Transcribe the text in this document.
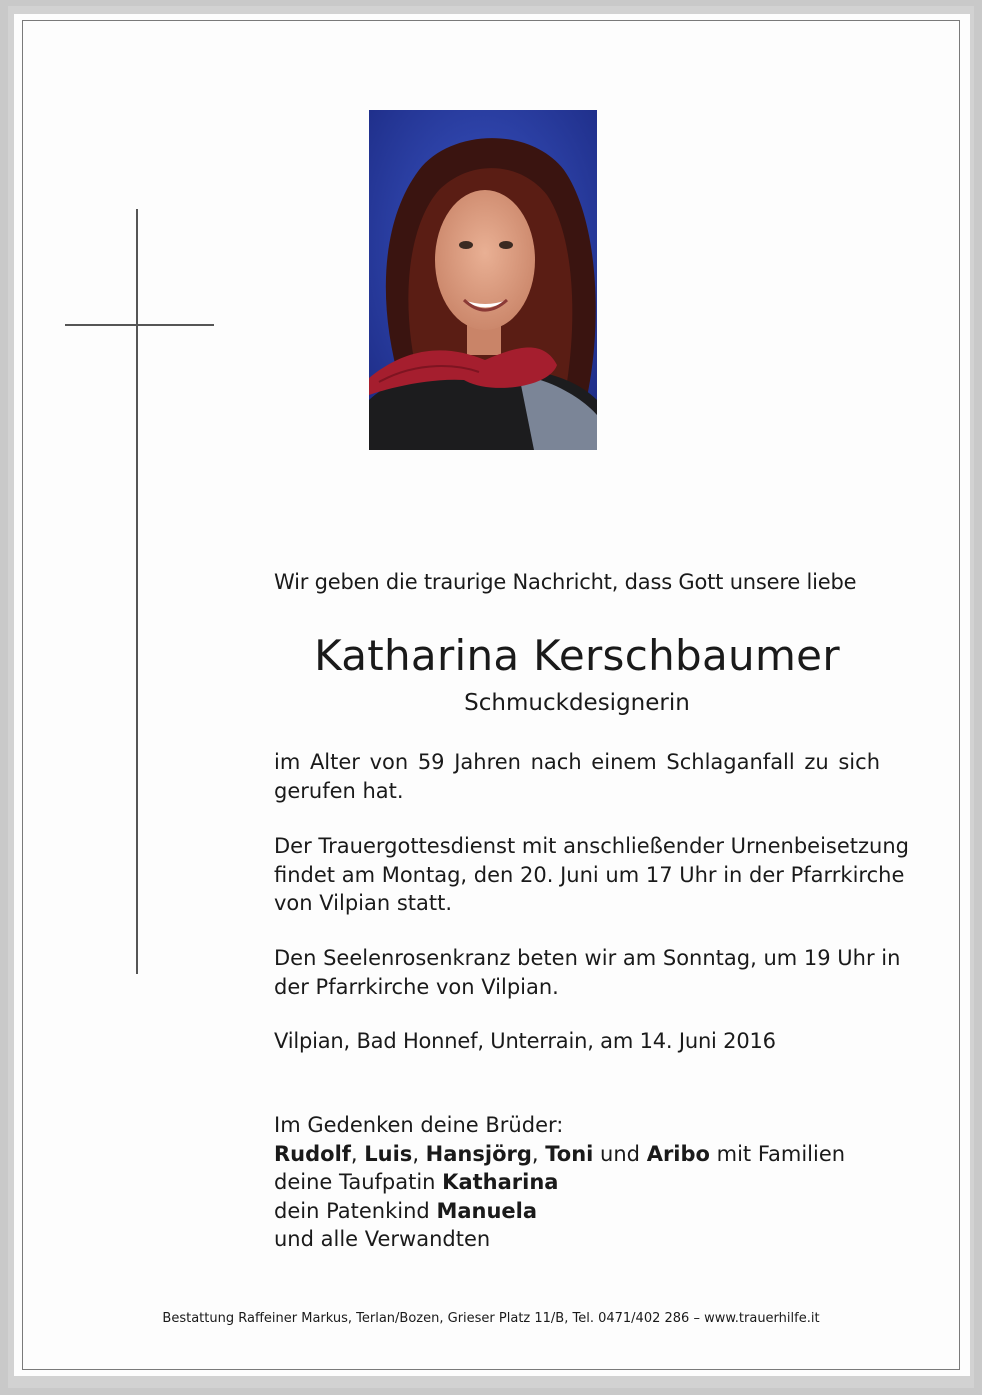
Wir geben die traurige Nachricht, dass Gott unsere liebe
Katharina Kerschbaumer
Schmuckdesignerin
im Alter von 59 Jahren nach einem Schlaganfall zu sich
gerufen hat.
Der Trauergottesdienst mit anschließender Urnenbeisetzung
findet am Montag, den 20. Juni um 17 Uhr in der Pfarrkirche
von Vilpian statt.
Den Seelenrosenkranz beten wir am Sonntag, um 19 Uhr in
der Pfarrkirche von Vilpian.
Vilpian, Bad Honnef, Unterrain, am 14. Juni 2016
Im Gedenken deine Brüder:
Rudolf, Luis, Hansjörg, Toni und Aribo mit Familien
deine Taufpatin Katharina
dein Patenkind Manuela
und alle Verwandten
Bestattung Raffeiner Markus, Terlan/Bozen, Grieser Platz 11/B, Tel. 0471/402 286 – www.trauerhilfe.it
